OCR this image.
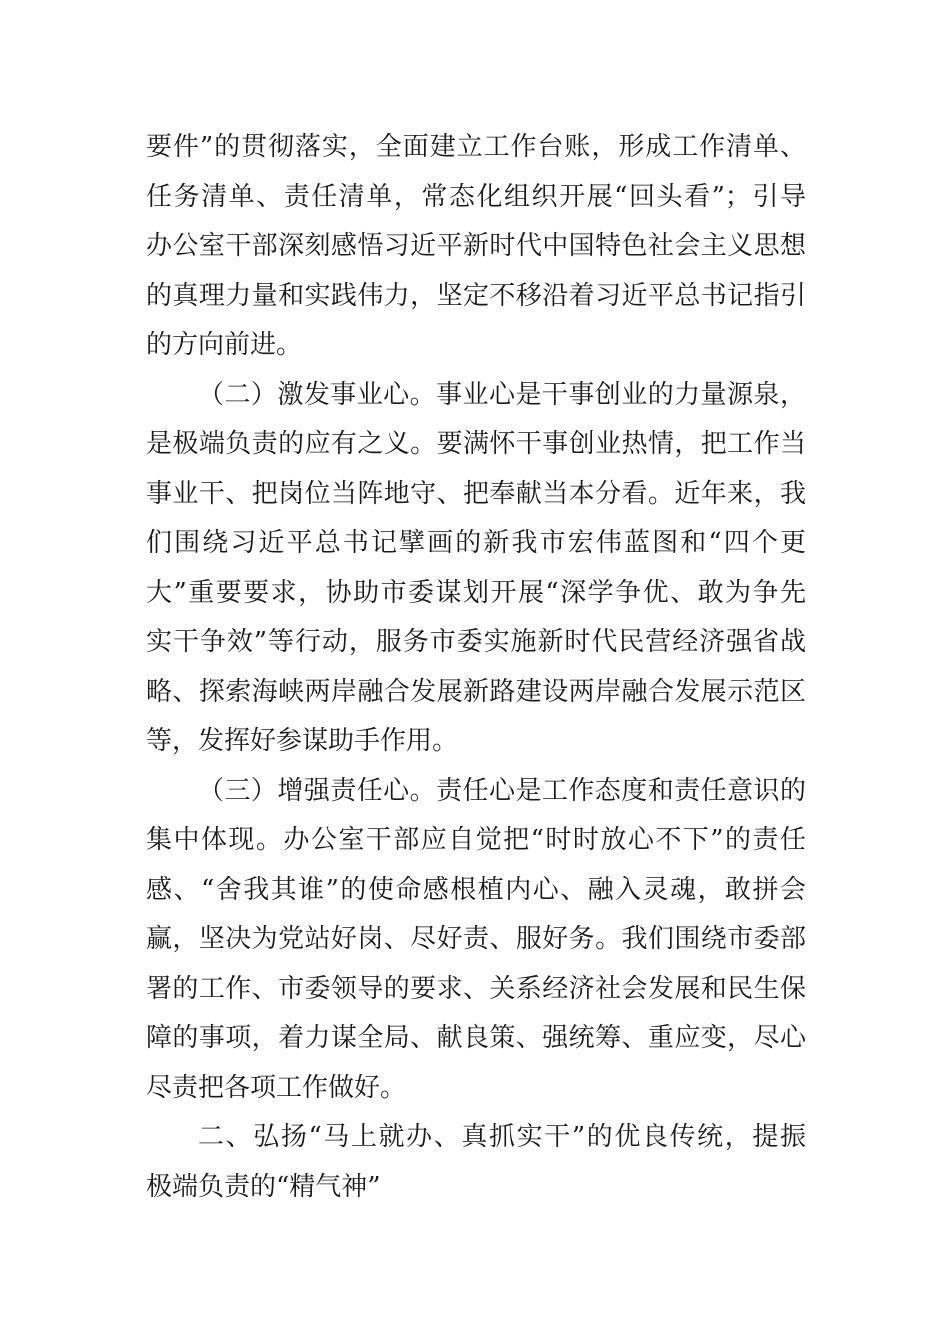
要件”的贯彻落实，全面建立工作台账，形成工作清单、
任务清单、责任清单，常态化组织开展“回头看”；引导
办公室干部深刻感悟习近平新时代中国特色社会主义思想
的真理力量和实践伟力，坚定不移沿着习近平总书记指引
的方向前进。
（二）激发事业心。事业心是干事创业的力量源泉，
是极端负责的应有之义。要满怀干事创业热情，把工作当
事业干、把岗位当阵地守、把奉献当本分看。近年来，我
们围绕习近平总书记擘画的新我市宏伟蓝图和“四个更
大”重要要求，协助市委谋划开展“深学争优、敢为争先
实干争效”等行动，服务市委实施新时代民营经济强省战
略、探索海峡两岸融合发展新路建设两岸融合发展示范区
等，发挥好参谋助手作用。
（三）增强责任心。责任心是工作态度和责任意识的
集中体现。办公室干部应自觉把“时时放心不下”的责任
感、“舍我其谁”的使命感根植内心、融入灵魂，敢拼会
赢，坚决为党站好岗、尽好责、服好务。我们围绕市委部
署的工作、市委领导的要求、关系经济社会发展和民生保
障的事项，着力谋全局、献良策、强统筹、重应变，尽心
尽责把各项工作做好。
二、弘扬“马上就办、真抓实干”的优良传统，提振
极端负责的“精气神”
